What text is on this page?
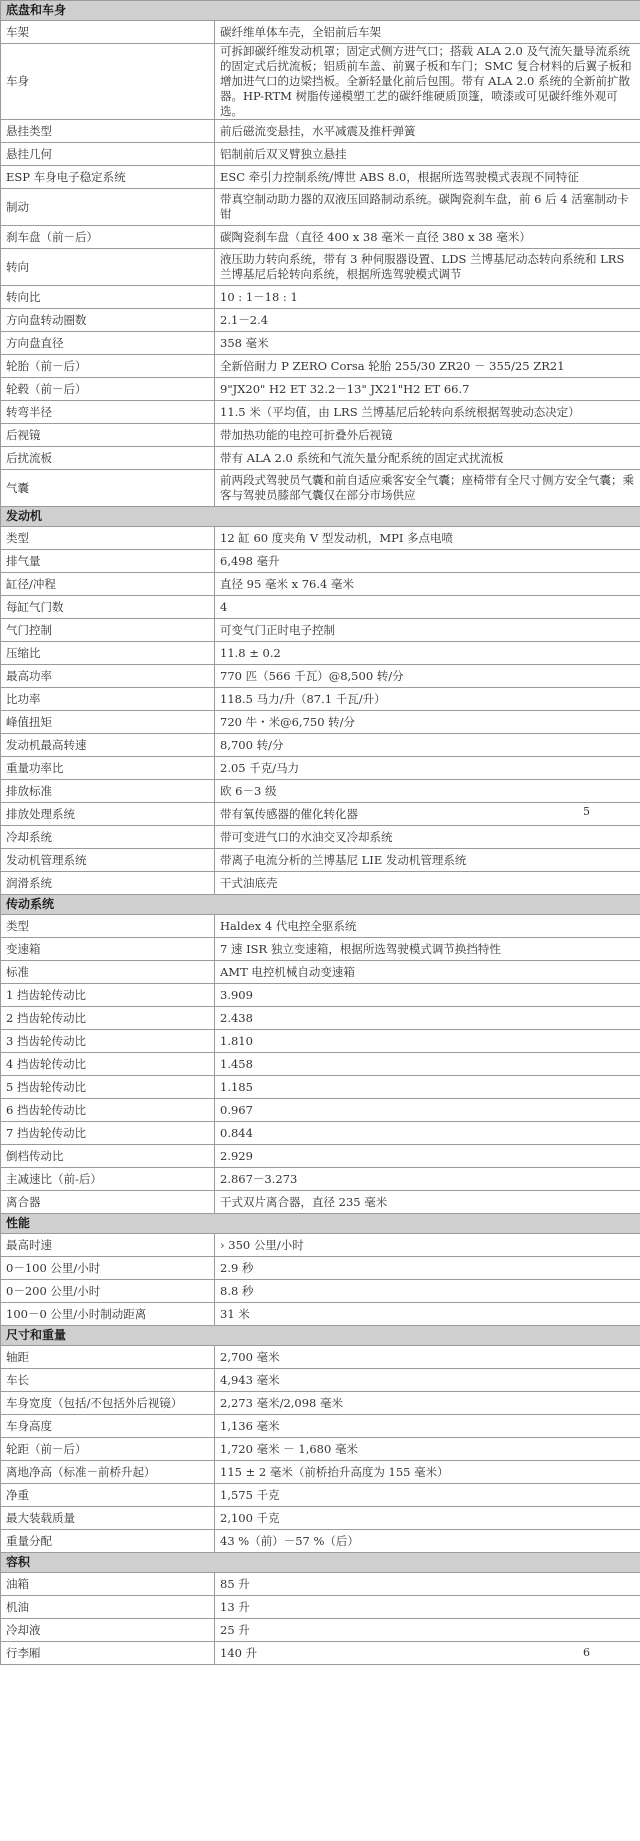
底盘和车身	
车架	碳纤维单体车壳，全铝前后车架
车身	可拆卸碳纤维发动机罩；固定式侧方进气口；搭载 ALA 2.0 及气流矢量导流系统的固定式后扰流板；铝质前车盖、前翼子板和车门；SMC 复合材料的后翼子板和增加进气口的边梁挡板。全新轻量化前后包围。带有 ALA 2.0 系统的全新前扩散器。HP-RTM 树脂传递模塑工艺的碳纤维硬质顶篷，喷漆或可见碳纤维外观可选。
悬挂类型	前后磁流变悬挂，水平减震及推杆弹簧
悬挂几何	铝制前后双叉臂独立悬挂
ESP 车身电子稳定系统	ESC 牵引力控制系统/博世 ABS 8.0，根据所选驾驶模式表现不同特征
制动	带真空制动助力器的双液压回路制动系统。碳陶瓷刹车盘，前 6 后 4 活塞制动卡钳
刹车盘（前－后）	碳陶瓷刹车盘（直径 400 x 38 毫米－直径 380 x 38 毫米）
转向	液压助力转向系统，带有 3 种伺服器设置、LDS 兰博基尼动态转向系统和 LRS 兰博基尼后轮转向系统，根据所选驾驶模式调节
转向比	10 : 1－18 : 1
方向盘转动圈数	2.1－2.4
方向盘直径	358 毫米
轮胎（前－后）	全新倍耐力 P ZERO Corsa 轮胎 255/30 ZR20 － 355/25 ZR21
轮毂（前－后）	9"JX20" H2 ET 32.2－13" JX21"H2 ET 66.7
转弯半径	11.5 米（平均值，由 LRS 兰博基尼后轮转向系统根据驾驶动态决定）
后视镜	带加热功能的电控可折叠外后视镜
后扰流板	带有 ALA 2.0 系统和气流矢量分配系统的固定式扰流板
气囊	前两段式驾驶员气囊和前自适应乘客安全气囊；座椅带有全尺寸侧方安全气囊；乘客与驾驶员膝部气囊仅在部分市场供应
发动机	
类型	12 缸 60 度夹角 V 型发动机，MPI 多点电喷
排气量	6,498 毫升
缸径/冲程	直径 95 毫米 x 76.4 毫米
每缸气门数	4
气门控制	可变气门正时电子控制
压缩比	11.8 ± 0.2
最高功率	770 匹（566 千瓦）@8,500 转/分
比功率	118.5 马力/升（87.1 千瓦/升）
峰值扭矩	720 牛・米@6,750 转/分
发动机最高转速	8,700 转/分
重量功率比	2.05 千克/马力
排放标准	欧 6－3 级
排放处理系统	带有氧传感器的催化转化器
冷却系统	带可变进气口的水油交叉冷却系统
发动机管理系统	带离子电流分析的兰博基尼 LIE 发动机管理系统
润滑系统	干式油底壳
传动系统	
类型	Haldex 4 代电控全驱系统
变速箱	7 速 ISR 独立变速箱，根据所选驾驶模式调节换挡特性
标准	AMT 电控机械自动变速箱
1 挡齿轮传动比	3.909
2 挡齿轮传动比	2.438
3 挡齿轮传动比	1.810
4 挡齿轮传动比	1.458
5 挡齿轮传动比	1.185
6 挡齿轮传动比	0.967
7 挡齿轮传动比	0.844
倒档传动比	2.929
主减速比（前-后）	2.867－3.273
离合器	干式双片离合器，直径 235 毫米
性能	
最高时速	› 350 公里/小时
0－100 公里/小时	2.9 秒
0－200 公里/小时	8.8 秒
100－0 公里/小时制动距离	31 米
尺寸和重量	
轴距	2,700 毫米
车长	4,943 毫米
车身宽度（包括/不包括外后视镜）	2,273 毫米/2,098 毫米
车身高度	1,136 毫米
轮距（前－后）	1,720 毫米 － 1,680 毫米
离地净高（标准－前桥升起）	115 ± 2 毫米（前桥抬升高度为 155 毫米）
净重	1,575 千克
最大装载质量	2,100 千克
重量分配	43 %（前）－57 %（后）
容积	
油箱	85 升
机油	13 升
冷却液	25 升
行李厢	140 升
5
6
